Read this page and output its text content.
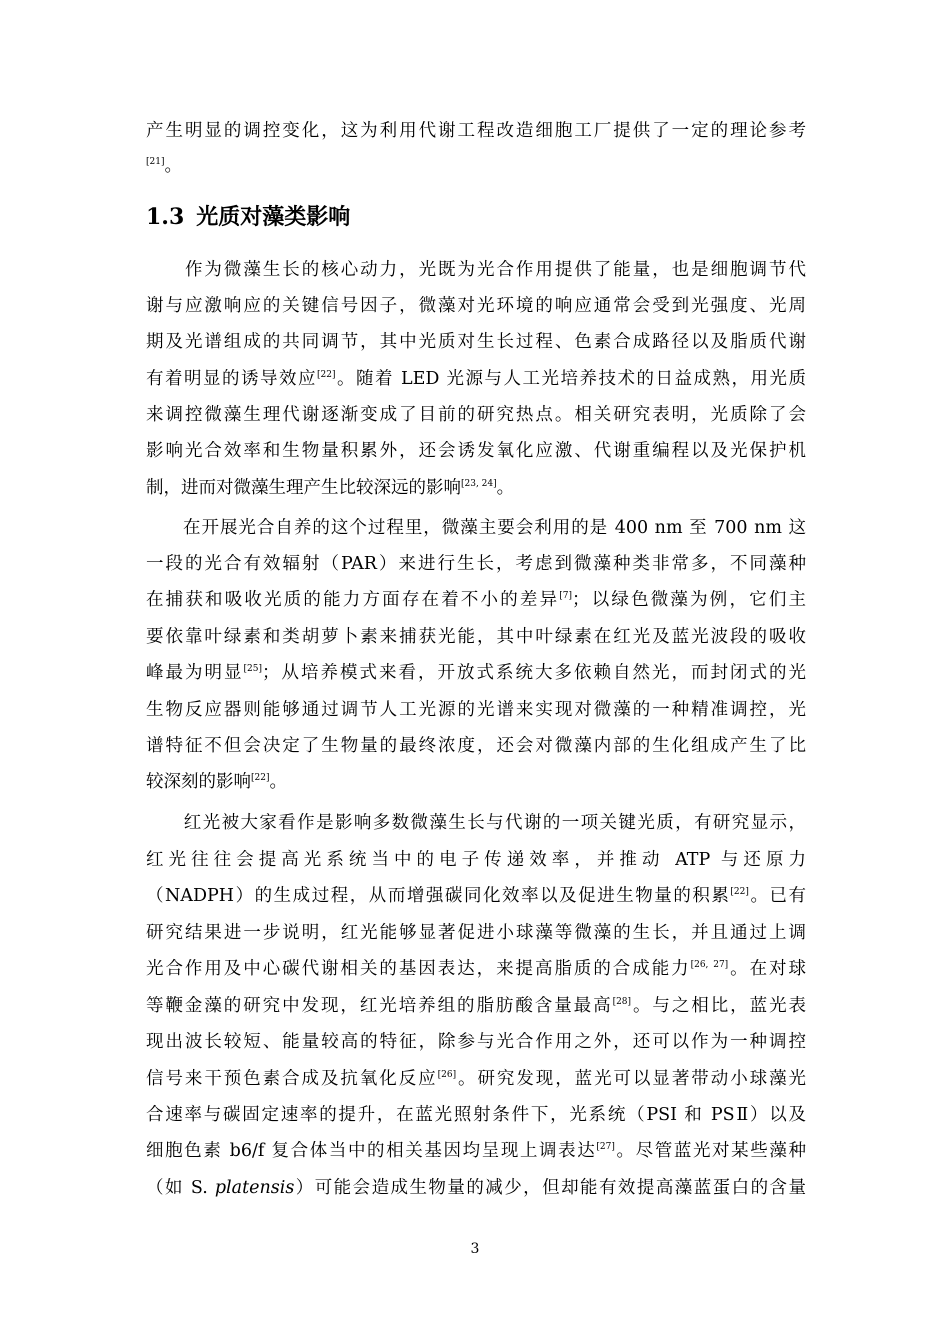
产生明显的调控变化，这为利用代谢工程改造细胞工厂提供了一定的理论参考
[21]。
1.3 光质对藻类影响
　　作为微藻生长的核心动力，光既为光合作用提供了能量，也是细胞调节代
谢与应激响应的关键信号因子，微藻对光环境的响应通常会受到光强度、光周
期及光谱组成的共同调节，其中光质对生长过程、色素合成路径以及脂质代谢
有着明显的诱导效应[22]。随着 LED 光源与人工光培养技术的日益成熟，用光质
来调控微藻生理代谢逐渐变成了目前的研究热点。相关研究表明，光质除了会
影响光合效率和生物量积累外，还会诱发氧化应激、代谢重编程以及光保护机
制，进而对微藻生理产生比较深远的影响[23, 24]。
　　在开展光合自养的这个过程里，微藻主要会利用的是 400 nm 至 700 nm 这
一段的光合有效辐射（PAR）来进行生长，考虑到微藻种类非常多，不同藻种
在捕获和吸收光质的能力方面存在着不小的差异[7]；以绿色微藻为例，它们主
要依靠叶绿素和类胡萝卜素来捕获光能，其中叶绿素在红光及蓝光波段的吸收
峰最为明显[25]；从培养模式来看，开放式系统大多依赖自然光，而封闭式的光
生物反应器则能够通过调节人工光源的光谱来实现对微藻的一种精准调控，光
谱特征不但会决定了生物量的最终浓度，还会对微藻内部的生化组成产生了比
较深刻的影响[22]。
　　红光被大家看作是影响多数微藻生长与代谢的一项关键光质，有研究显示，
红光往往会提高光系统当中的电子传递效率，并推动 ATP 与还原力
（NADPH）的生成过程，从而增强碳同化效率以及促进生物量的积累[22]。已有
研究结果进一步说明，红光能够显著促进小球藻等微藻的生长，并且通过上调
光合作用及中心碳代谢相关的基因表达，来提高脂质的合成能力[26, 27]。在对球
等鞭金藻的研究中发现，红光培养组的脂肪酸含量最高[28]。与之相比，蓝光表
现出波长较短、能量较高的特征，除参与光合作用之外，还可以作为一种调控
信号来干预色素合成及抗氧化反应[26]。研究发现，蓝光可以显著带动小球藻光
合速率与碳固定速率的提升，在蓝光照射条件下，光系统（PSI 和 PSⅡ）以及
细胞色素 b6/f 复合体当中的相关基因均呈现上调表达[27]。尽管蓝光对某些藻种
（如 S. platensis）可能会造成生物量的减少，但却能有效提高藻蓝蛋白的含量
3
